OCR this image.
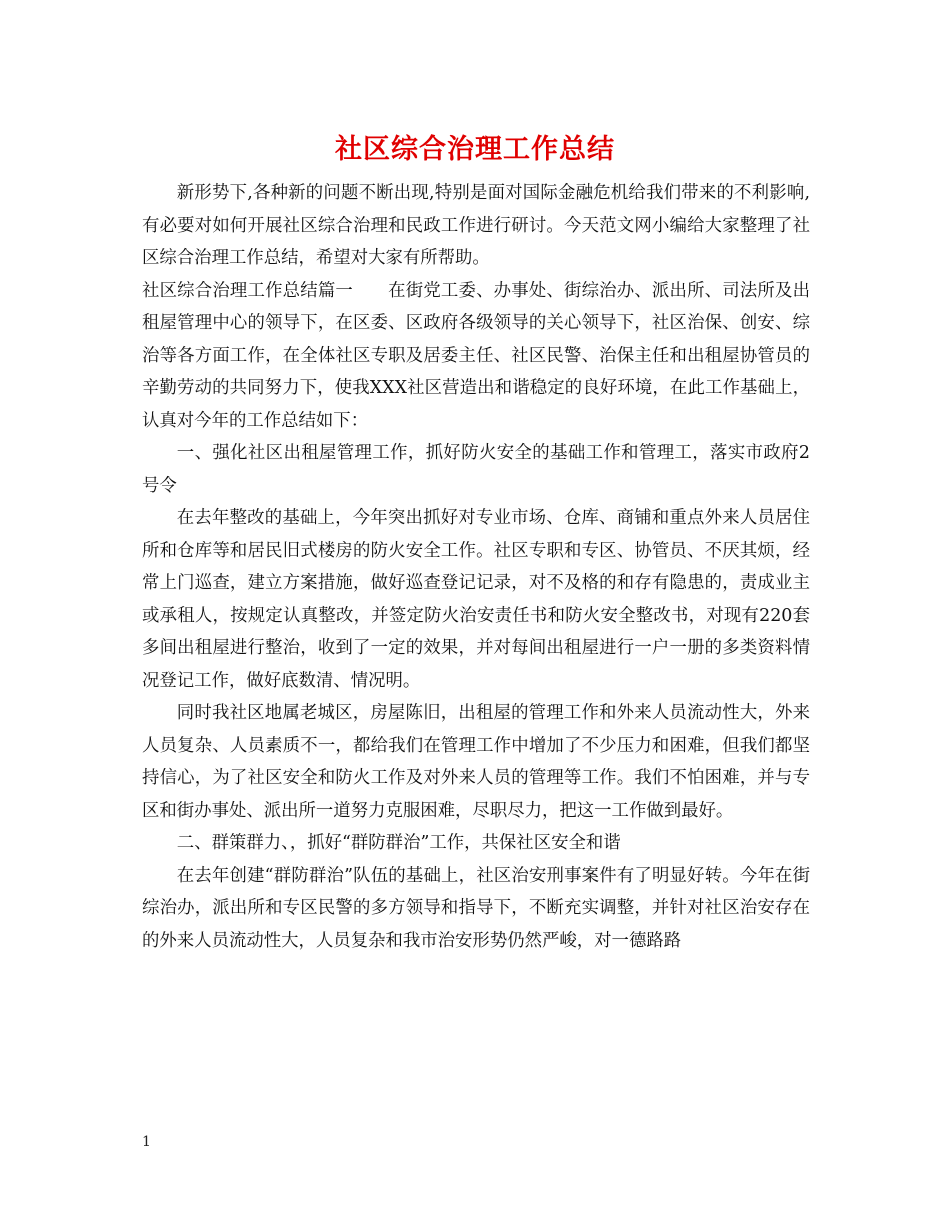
社区综合治理工作总结

新形势下,各种新的问题不断出现,特别是面对国际金融危机给我们带来的不利影响,有必要对如何开展社区综合治理和民政工作进行研讨。今天范文网小编给大家整理了社区综合治理工作总结，希望对大家有所帮助。

社区综合治理工作总结篇一　　在街党工委、办事处、街综治办、派出所、司法所及出租屋管理中心的领导下，在区委、区政府各级领导的关心领导下，社区治保、创安、综治等各方面工作，在全体社区专职及居委主任、社区民警、治保主任和出租屋协管员的辛勤劳动的共同努力下，使我XXX社区营造出和谐稳定的良好环境，在此工作基础上，认真对今年的工作总结如下：

一、强化社区出租屋管理工作，抓好防火安全的基础工作和管理工，落实市政府2号令

在去年整改的基础上，今年突出抓好对专业市场、仓库、商铺和重点外来人员居住所和仓库等和居民旧式楼房的防火安全工作。社区专职和专区、协管员、不厌其烦，经常上门巡查，建立方案措施，做好巡查登记记录，对不及格的和存有隐患的，责成业主或承租人，按规定认真整改，并签定防火治安责任书和防火安全整改书，对现有220套多间出租屋进行整治，收到了一定的效果，并对每间出租屋进行一户一册的多类资料情况登记工作，做好底数清、情况明。

同时我社区地属老城区，房屋陈旧，出租屋的管理工作和外来人员流动性大，外来人员复杂、人员素质不一，都给我们在管理工作中增加了不少压力和困难，但我们都坚持信心，为了社区安全和防火工作及对外来人员的管理等工作。我们不怕困难，并与专区和街办事处、派出所一道努力克服困难，尽职尽力，把这一工作做到最好。

二、群策群力、，抓好“群防群治”工作，共保社区安全和谐

在去年创建“群防群治”队伍的基础上，社区治安刑事案件有了明显好转。今年在街综治办，派出所和专区民警的多方领导和指导下，不断充实调整，并针对社区治安存在的外来人员流动性大，人员复杂和我市治安形势仍然严峻，对一德路路

1
